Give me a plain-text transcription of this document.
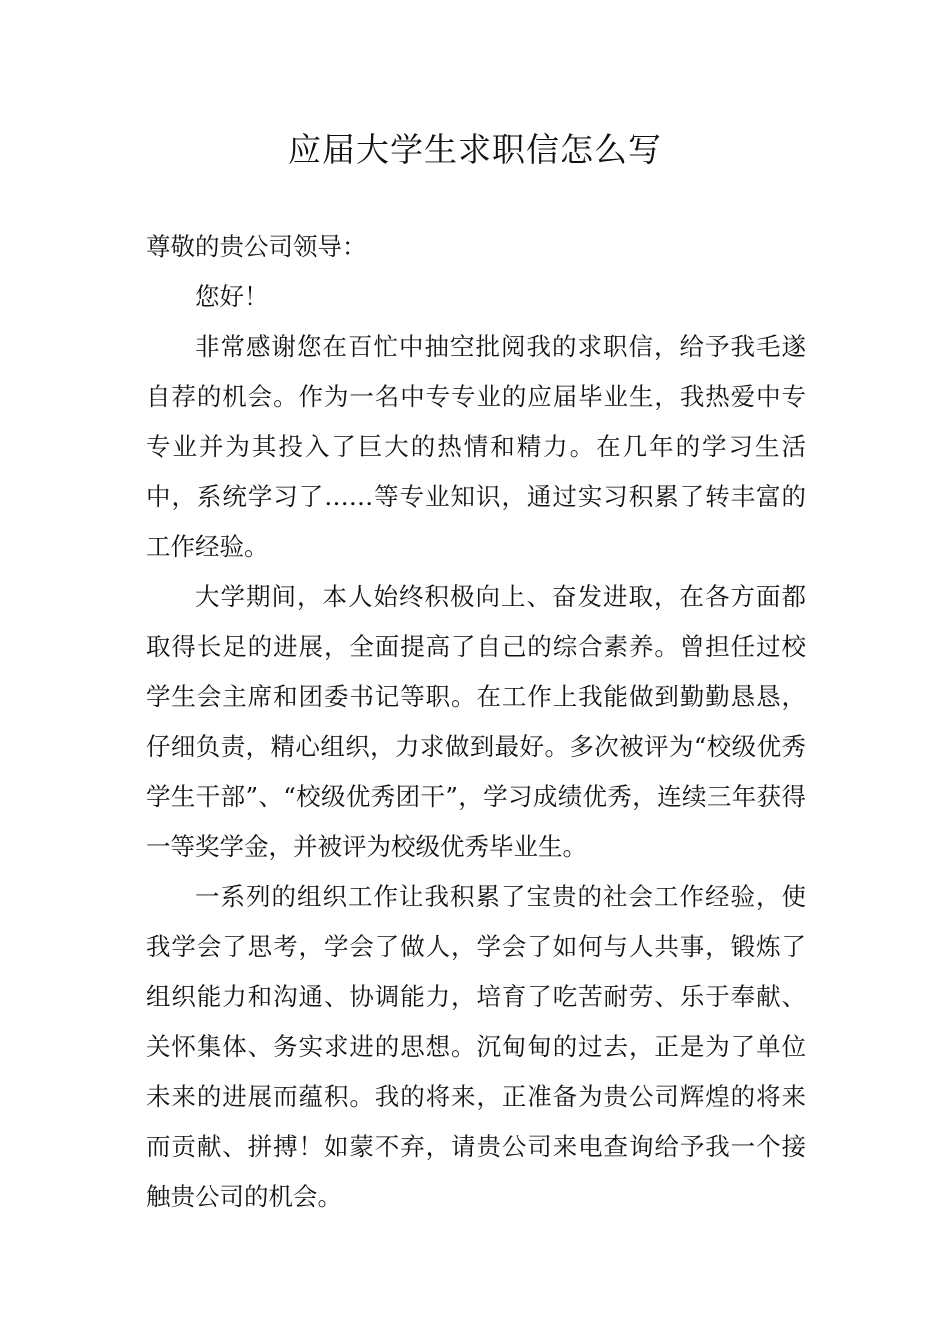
应届大学生求职信怎么写

尊敬的贵公司领导：

您好！

非常感谢您在百忙中抽空批阅我的求职信，给予我毛遂自荐的机会。作为一名中专专业的应届毕业生，我热爱中专专业并为其投入了巨大的热情和精力。在几年的学习生活中，系统学习了……等专业知识，通过实习积累了转丰富的工作经验。

大学期间，本人始终积极向上、奋发进取，在各方面都取得长足的进展，全面提高了自己的综合素养。曾担任过校学生会主席和团委书记等职。在工作上我能做到勤勤恳恳，仔细负责，精心组织，力求做到最好。多次被评为“校级优秀学生干部”、“校级优秀团干”，学习成绩优秀，连续三年获得一等奖学金，并被评为校级优秀毕业生。

一系列的组织工作让我积累了宝贵的社会工作经验，使我学会了思考，学会了做人，学会了如何与人共事，锻炼了组织能力和沟通、协调能力，培育了吃苦耐劳、乐于奉献、关怀集体、务实求进的思想。沉甸甸的过去，正是为了单位未来的进展而蕴积。我的将来，正准备为贵公司辉煌的将来而贡献、拼搏！如蒙不弃，请贵公司来电查询给予我一个接触贵公司的机会。
